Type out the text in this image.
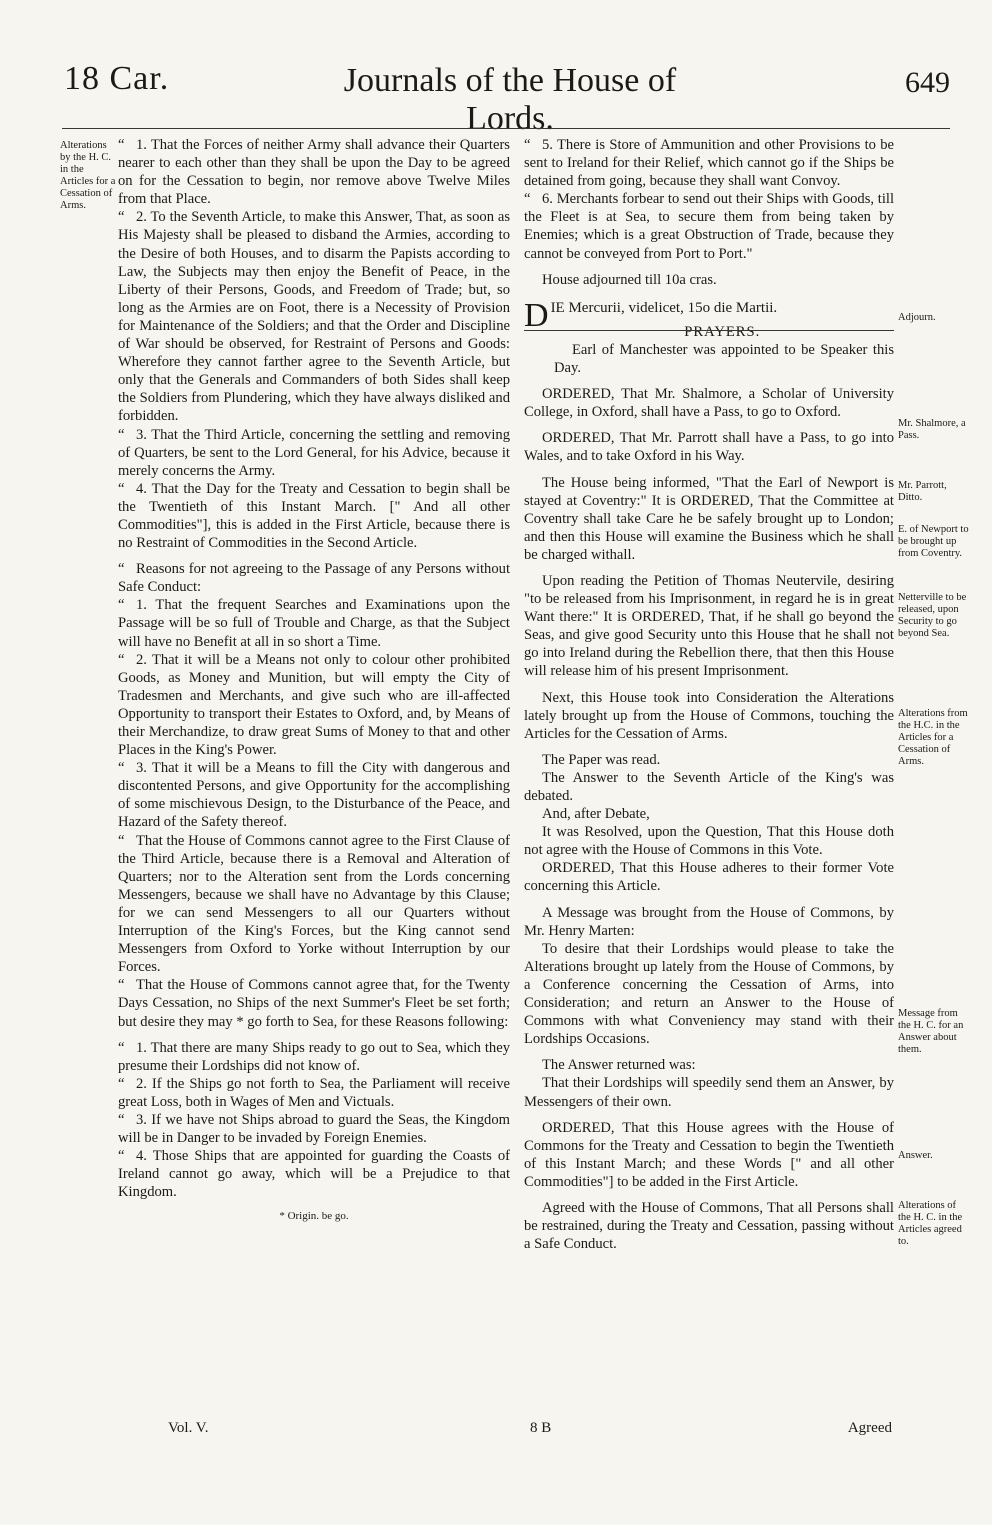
18 Car.	Journals of the House of Lords.
649
Alterations by the H. C. in the Articles for a Cessation of Arms.

“ 1. That the Forces of neither Army shall advance their Quarters nearer to each other than they shall be upon the Day to be agreed on for the Cessation to begin, nor remove above Twelve Miles from that Place.

“ 2. To the Seventh Article, to make this Answer, That, as soon as His Majesty shall be pleased to disband the Armies, according to the Desire of both Houses, and to disarm the Papists according to Law, the Subjects may then enjoy the Benefit of Peace, in the Liberty of their Persons, Goods, and Freedom of Trade; but, so long as the Armies are on Foot, there is a Necessity of Provision for Maintenance of the Soldiers; and that the Order and Discipline of War should be observed, for Restraint of Persons and Goods: Wherefore they cannot farther agree to the Seventh Article, but only that the Generals and Commanders of both Sides shall keep the Soldiers from Plundering, which they have always disliked and forbidden.

“ 3. That the Third Article, concerning the settling and removing of Quarters, be sent to the Lord General, for his Advice, because it merely concerns the Army.

“ 4. That the Day for the Treaty and Cessation to begin shall be the Twentieth of this Instant March. [" And all other Commodities"], this is added in the First Article, because there is no Restraint of Commodities in the Second Article.

“ Reasons for not agreeing to the Passage of any Persons without Safe Conduct:

“ 1. That the frequent Searches and Examinations upon the Passage will be so full of Trouble and Charge, as that the Subject will have no Benefit at all in so short a Time.

“ 2. That it will be a Means not only to colour other prohibited Goods, as Money and Munition, but will empty the City of Tradesmen and Merchants, and give such who are ill-affected Opportunity to transport their Estates to Oxford, and, by Means of their Merchandize, to draw great Sums of Money to that and other Places in the King's Power.

“ 3. That it will be a Means to fill the City with dangerous and discontented Persons, and give Opportunity for the accomplishing of some mischievous Design, to the Disturbance of the Peace, and Hazard of the Safety thereof.

“ That the House of Commons cannot agree to the First Clause of the Third Article, because there is a Removal and Alteration of Quarters; nor to the Alteration sent from the Lords concerning Messengers, because we shall have no Advantage by this Clause; for we can send Messengers to all our Quarters without Interruption of the King's Forces, but the King cannot send Messengers from Oxford to Yorke without Interruption by our Forces.

“ That the House of Commons cannot agree that, for the Twenty Days Cessation, no Ships of the next Summer's Fleet be set forth; but desire they may * go forth to Sea, for these Reasons following:

“ 1. That there are many Ships ready to go out to Sea, which they presume their Lordships did not know of.

“ 2. If the Ships go not forth to Sea, the Parliament will receive great Loss, both in Wages of Men and Victuals.

“ 3. If we have not Ships abroad to guard the Seas, the Kingdom will be in Danger to be invaded by Foreign Enemies.

“ 4. Those Ships that are appointed for guarding the Coasts of Ireland cannot go away, which will be a Prejudice to that Kingdom.

* Origin. be go.

“ 5. There is Store of Ammunition and other Provisions to be sent to Ireland for their Relief, which cannot go if the Ships be detained from going, because they shall want Convoy.

“ 6. Merchants forbear to send out their Ships with Goods, till the Fleet is at Sea, to secure them from being taken by Enemies; which is a great Obstruction of Trade, because they cannot be conveyed from Port to Port."

House adjourned till 10a cras.

D IE Mercurii, videlicet, 15o die Martii.

PRAYERS.

Earl of Manchester was appointed to be Speaker this Day.

ORDERED, That Mr. Shalmore, a Scholar of University College, in Oxford, shall have a Pass, to go to Oxford.

ORDERED, That Mr. Parrott shall have a Pass, to go into Wales, and to take Oxford in his Way.

The House being informed, "That the Earl of Newport is stayed at Coventry:" It is ORDERED, That the Committee at Coventry shall take Care he be safely brought up to London; and then this House will examine the Business which he shall be charged withall.

Upon reading the Petition of Thomas Neutervile, desiring "to be released from his Imprisonment, in regard he is in great Want there:" It is ORDERED, That, if he shall go beyond the Seas, and give good Security unto this House that he shall not go into Ireland during the Rebellion there, that then this House will release him of his present Imprisonment.

Next, this House took into Consideration the Alterations lately brought up from the House of Commons, touching the Articles for the Cessation of Arms.

The Paper was read.

The Answer to the Seventh Article of the King's was debated.

And, after Debate,

It was Resolved, upon the Question, That this House doth not agree with the House of Commons in this Vote.

ORDERED, That this House adheres to their former Vote concerning this Article.

A Message was brought from the House of Commons, by Mr. Henry Marten:

To desire that their Lordships would please to take the Alterations brought up lately from the House of Commons, by a Conference concerning the Cessation of Arms, into Consideration; and return an Answer to the House of Commons with what Conveniency may stand with their Lordships Occasions.

The Answer returned was:

That their Lordships will speedily send them an Answer, by Messengers of their own.

ORDERED, That this House agrees with the House of Commons for the Treaty and Cessation to begin the Twentieth of this Instant March; and these Words [" and all other Commodities"] to be added in the First Article.

Agreed with the House of Commons, That all Persons shall be restrained, during the Treaty and Cessation, passing without a Safe Conduct.

Adjourn.
Mr. Shalmore, a Pass.
Mr. Parrott, Ditto.
E. of Newport to be brought up from Coventry.
Netterville to be released, upon Security to go beyond Sea.
Alterations from the H.C. in the Articles for a Cessation of Arms.
Message from the H. C. for an Answer about them.
Answer.
Alterations of the H. C. in the Articles agreed to.
Vol. V.	8 B	Agreed
